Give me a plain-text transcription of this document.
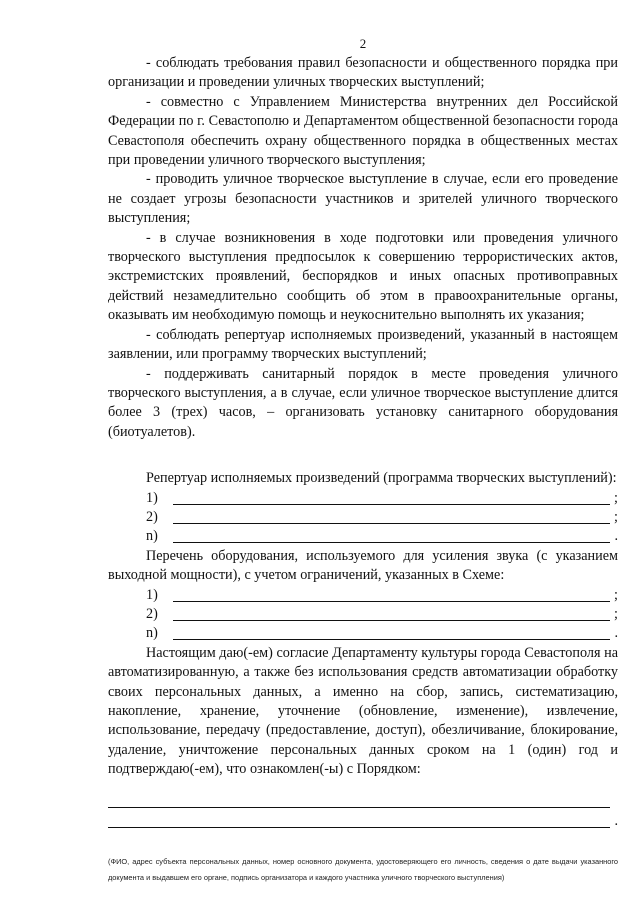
2

- соблюдать требования правил безопасности и общественного порядка при организации и проведении уличных творческих выступлений;

- совместно с Управлением Министерства внутренних дел Российской Федерации по г. Севастополю и Департаментом общественной безопасности города Севастополя обеспечить охрану общественного порядка в общественных местах при проведении уличного творческого выступления;

- проводить уличное творческое выступление в случае, если его проведение не создает угрозы безопасности участников и зрителей уличного творческого выступления;

- в случае возникновения в ходе подготовки или проведения уличного творческого выступления предпосылок к совершению террористических актов, экстремистских проявлений, беспорядков и иных опасных противоправных действий незамедлительно сообщить об этом в правоохранительные органы, оказывать им необходимую помощь и неукоснительно выполнять их указания;

- соблюдать репертуар исполняемых произведений, указанный в настоящем заявлении, или программу творческих выступлений;

- поддерживать санитарный порядок в месте проведения уличного творческого выступления, а в случае, если уличное творческое выступление длится более 3 (трех) часов, – организовать установку санитарного оборудования (биотуалетов).

Репертуар исполняемых произведений (программа творческих выступлений):

1)	;
2)	;
n)	.

Перечень оборудования, используемого для усиления звука (с указанием выходной мощности), с учетом ограничений, указанных в Схеме:

1)	;
2)	;
n)	.

Настоящим даю(-ем) согласие Департаменту культуры города Севастополя на автоматизированную, а также без использования средств автоматизации обработку своих персональных данных, а именно на сбор, запись, систематизацию, накопление, хранение, уточнение (обновление, изменение), извлечение, использование, передачу (предоставление, доступ), обезличивание, блокирование, удаление, уничтожение персональных данных сроком на 1 (один) год и подтверждаю(-ем), что ознакомлен(-ы) с Порядком:

.

(ФИО, адрес субъекта персональных данных, номер основного документа, удостоверяющего его личность, сведения о дате выдачи указанного документа и выдавшем его органе, подпись организатора и каждого участника уличного творческого выступления)
